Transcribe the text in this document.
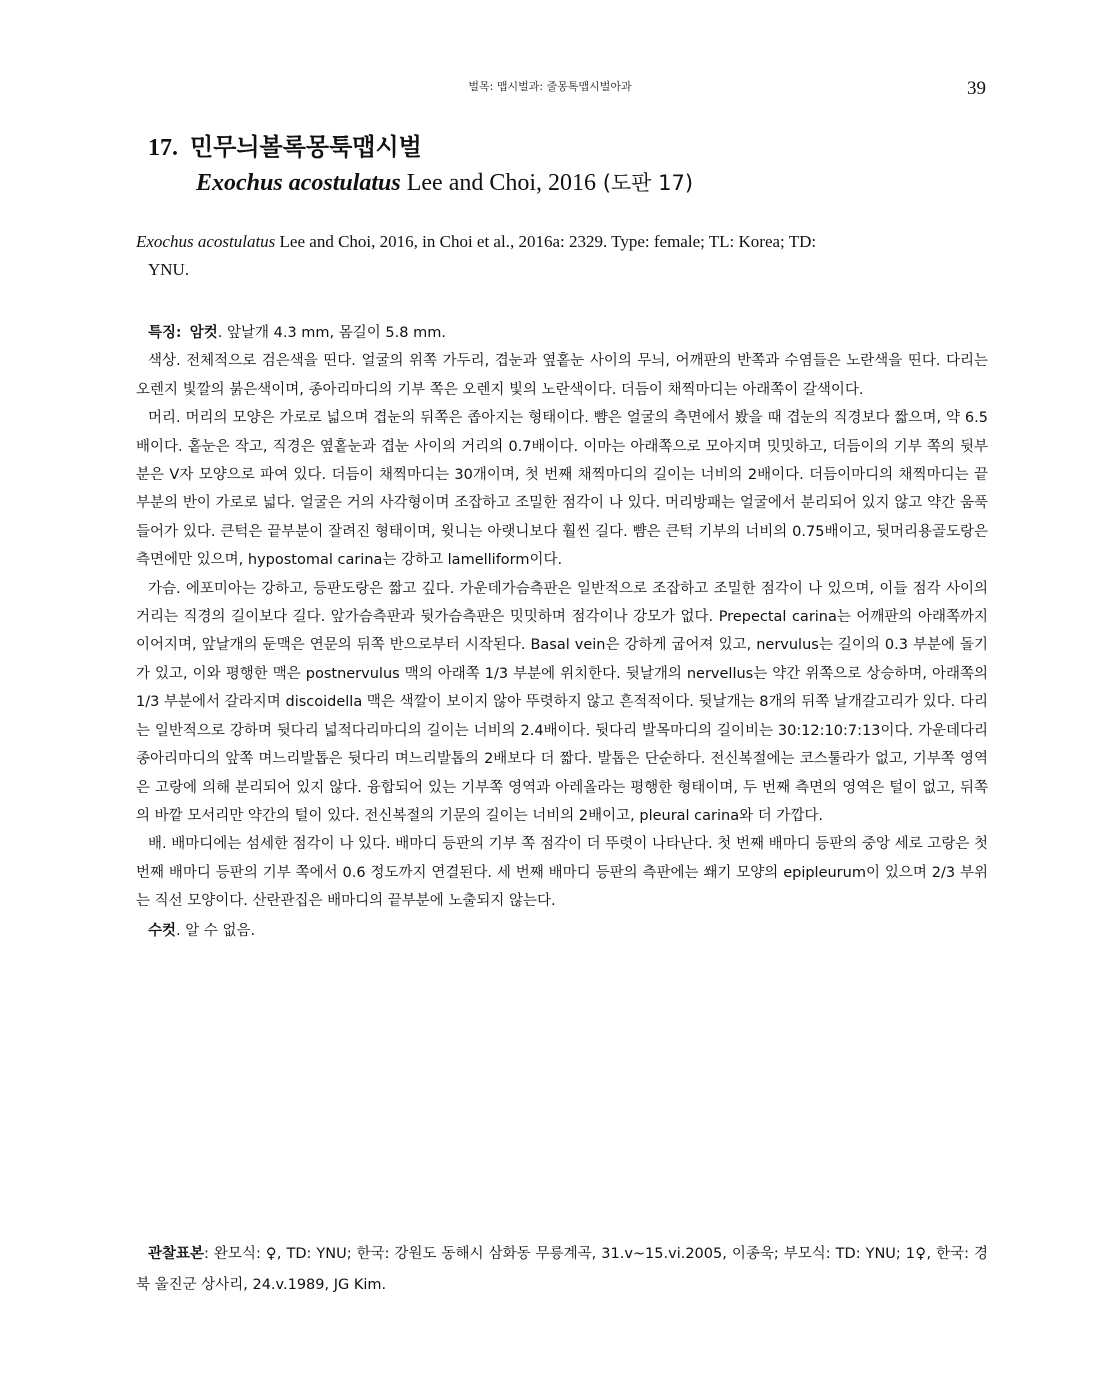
벌목: 맵시벌과: 줄몽톡맵시벌아과	39
17. 민무늬볼록몽툭맵시벌
Exochus acostulatus Lee and Choi, 2016 (도판 17)
Exochus acostulatus Lee and Choi, 2016, in Choi et al., 2016a: 2329. Type: female; TL: Korea; TD:
YNU.

특징: 암컷. 앞날개 4.3 mm, 몸길이 5.8 mm.

색상. 전체적으로 검은색을 띤다. 얼굴의 위쪽 가두리, 겹눈과 옆홑눈 사이의 무늬, 어깨판의 반쪽과 수염들은 노란색을 띤다. 다리는 오렌지 빛깔의 붉은색이며, 종아리마디의 기부 쪽은 오렌지 빛의 노란색이다. 더듬이 채찍마디는 아래쪽이 갈색이다.

머리. 머리의 모양은 가로로 넓으며 겹눈의 뒤쪽은 좁아지는 형태이다. 뺨은 얼굴의 측면에서 봤을 때 겹눈의 직경보다 짧으며, 약 6.5배이다. 홑눈은 작고, 직경은 옆홑눈과 겹눈 사이의 거리의 0.7배이다. 이마는 아래쪽으로 모아지며 밋밋하고, 더듬이의 기부 쪽의 뒷부분은 V자 모양으로 파여 있다. 더듬이 채찍마디는 30개이며, 첫 번째 채찍마디의 길이는 너비의 2배이다. 더듬이마디의 채찍마디는 끝부분의 반이 가로로 넓다. 얼굴은 거의 사각형이며 조잡하고 조밀한 점각이 나 있다. 머리방패는 얼굴에서 분리되어 있지 않고 약간 움푹 들어가 있다. 큰턱은 끝부분이 잘려진 형태이며, 윗니는 아랫니보다 훨씬 길다. 뺨은 큰턱 기부의 너비의 0.75배이고, 뒷머리용골도랑은 측면에만 있으며, hypostomal carina는 강하고 lamelliform이다.

가슴. 에포미아는 강하고, 등판도랑은 짧고 깊다. 가운데가슴측판은 일반적으로 조잡하고 조밀한 점각이 나 있으며, 이들 점각 사이의 거리는 직경의 길이보다 길다. 앞가슴측판과 뒷가슴측판은 밋밋하며 점각이나 강모가 없다. Prepectal carina는 어깨판의 아래쪽까지 이어지며, 앞날개의 둔맥은 연문의 뒤쪽 반으로부터 시작된다. Basal vein은 강하게 굽어져 있고, nervulus는 길이의 0.3 부분에 돌기가 있고, 이와 평행한 맥은 postnervulus 맥의 아래쪽 1/3 부분에 위치한다. 뒷날개의 nervellus는 약간 위쪽으로 상승하며, 아래쪽의 1/3 부분에서 갈라지며 discoidella 맥은 색깔이 보이지 않아 뚜렷하지 않고 흔적적이다. 뒷날개는 8개의 뒤쪽 날개갈고리가 있다. 다리는 일반적으로 강하며 뒷다리 넓적다리마디의 길이는 너비의 2.4배이다. 뒷다리 발목마디의 길이비는 30:12:10:7:13이다. 가운데다리 종아리마디의 앞쪽 며느리발톱은 뒷다리 며느리발톱의 2배보다 더 짧다. 발톱은 단순하다. 전신복절에는 코스툴라가 없고, 기부쪽 영역은 고랑에 의해 분리되어 있지 않다. 융합되어 있는 기부쪽 영역과 아레올라는 평행한 형태이며, 두 번째 측면의 영역은 털이 없고, 뒤쪽의 바깥 모서리만 약간의 털이 있다. 전신복절의 기문의 길이는 너비의 2배이고, pleural carina와 더 가깝다.

배. 배마디에는 섬세한 점각이 나 있다. 배마디 등판의 기부 쪽 점각이 더 뚜렷이 나타난다. 첫 번째 배마디 등판의 중앙 세로 고랑은 첫 번째 배마디 등판의 기부 쪽에서 0.6 정도까지 연결된다. 세 번째 배마디 등판의 측판에는 쐐기 모양의 epipleurum이 있으며 2/3 부위는 직선 모양이다. 산란관집은 배마디의 끝부분에 노출되지 않는다.

수컷. 알 수 없음.

관찰표본: 완모식: ♀, TD: YNU; 한국: 강원도 동해시 삼화동 무릉계곡, 31.v~15.vi.2005, 이종욱; 부모식: TD: YNU; 1♀, 한국: 경북 울진군 상사리, 24.v.1989, JG Kim.
